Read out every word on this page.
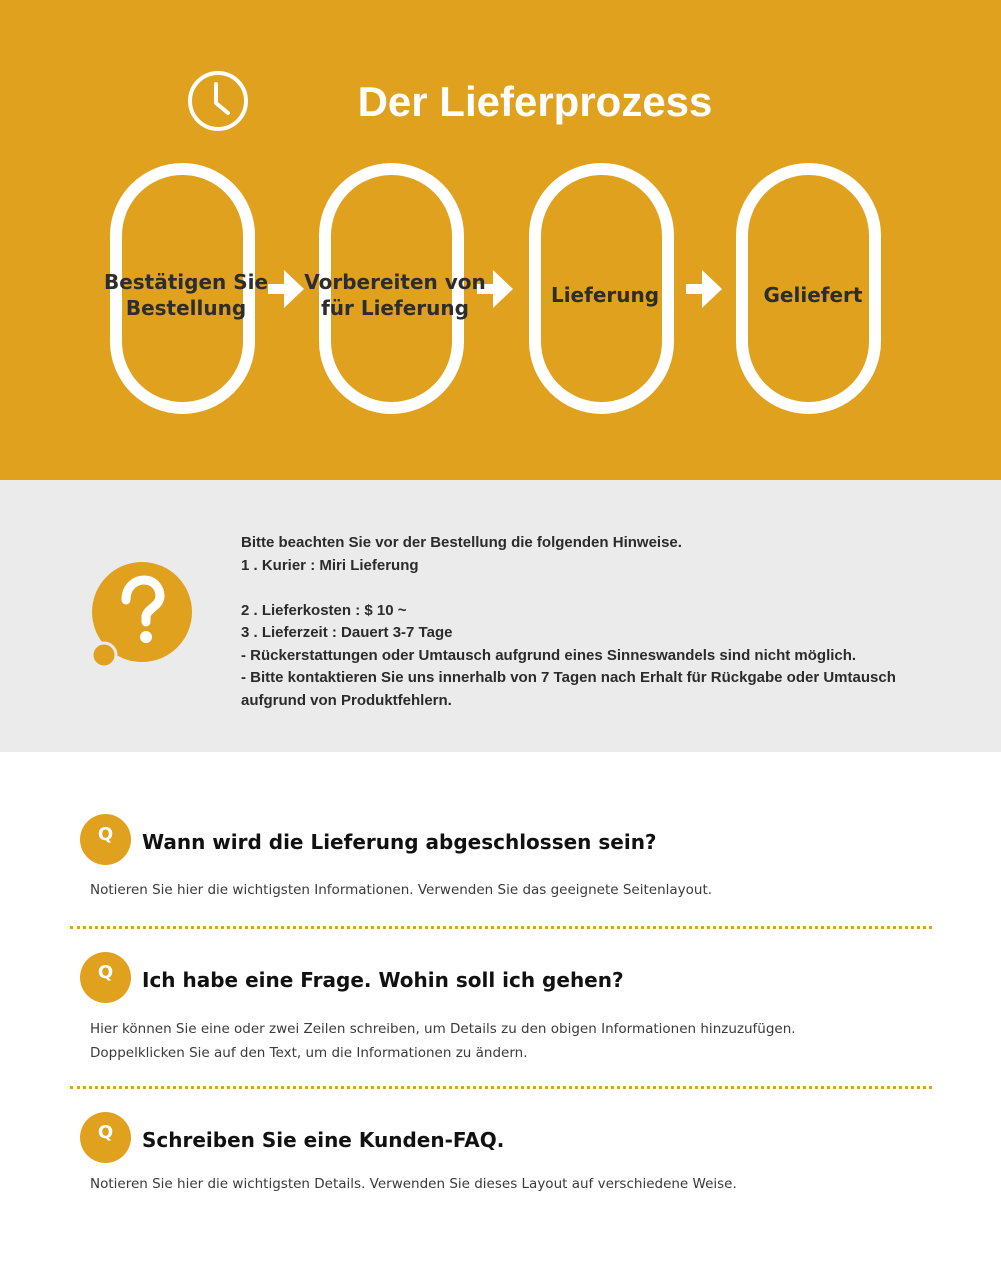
Der Lieferprozess
Bestätigen Sie Bestellung
Vorbereiten von für Lieferung
Lieferung	Geliefert
Bitte beachten Sie vor der Bestellung die folgenden Hinweise.
1 . Kurier : Miri Lieferung
2 . Lieferkosten : $ 10 ~
3 . Lieferzeit : Dauert 3-7 Tage
- Rückerstattungen oder Umtausch aufgrund eines Sinneswandels sind nicht möglich.
- Bitte kontaktieren Sie uns innerhalb von 7 Tagen nach Erhalt für Rückgabe oder Umtausch
aufgrund von Produktfehlern.
Q	Wann wird die Lieferung abgeschlossen sein?
Notieren Sie hier die wichtigsten Informationen. Verwenden Sie das geeignete Seitenlayout.
Q	Ich habe eine Frage. Wohin soll ich gehen?
Hier können Sie eine oder zwei Zeilen schreiben, um Details zu den obigen Informationen hinzuzufügen.
Doppelklicken Sie auf den Text, um die Informationen zu ändern.
Q	Schreiben Sie eine Kunden-FAQ.
Notieren Sie hier die wichtigsten Details. Verwenden Sie dieses Layout auf verschiedene Weise.
